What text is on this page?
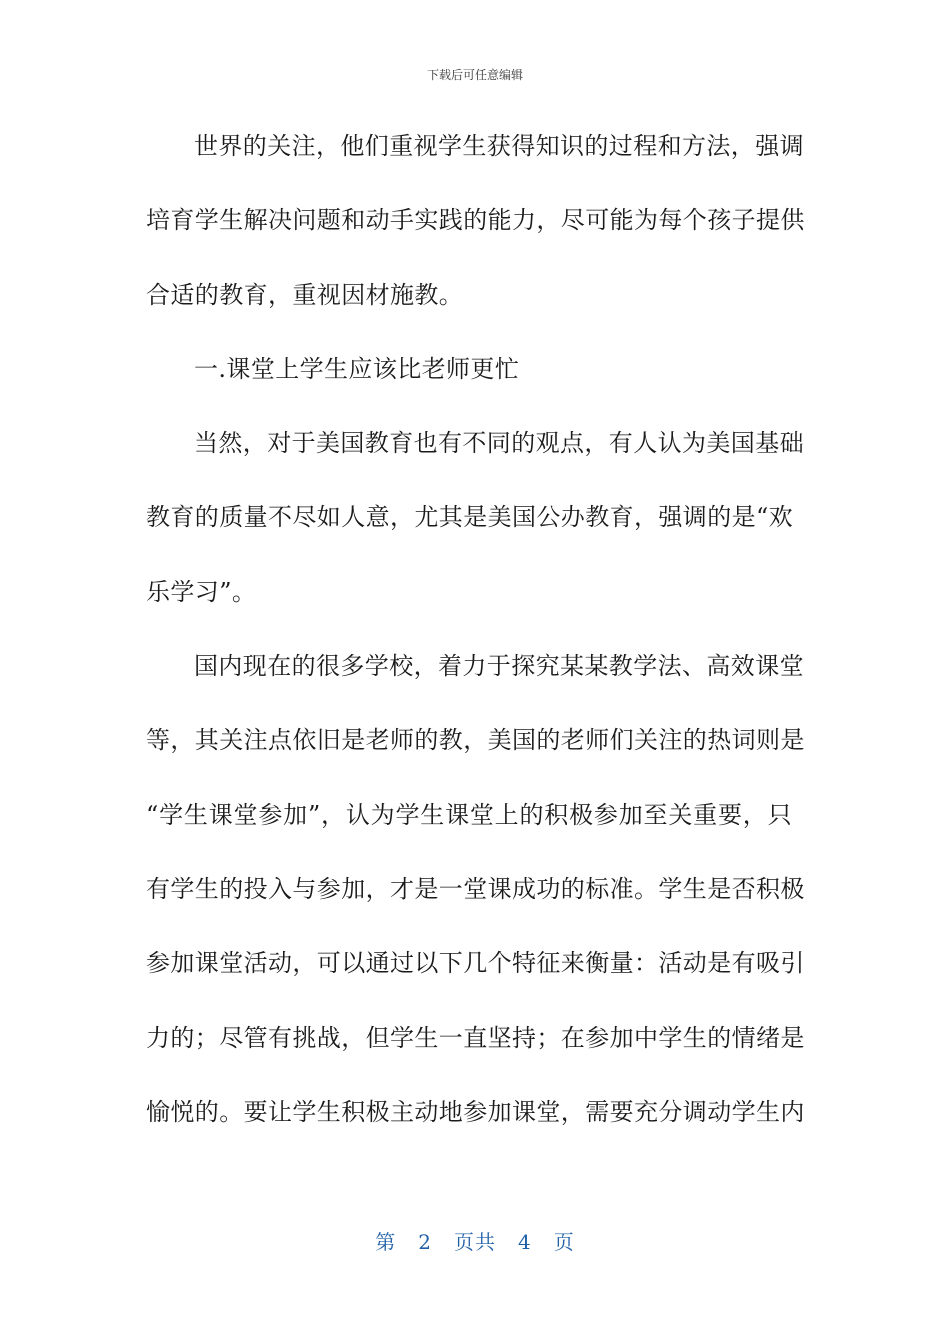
下载后可任意编辑
世界的关注，他们重视学生获得知识的过程和方法，强调
培育学生解决问题和动手实践的能力，尽可能为每个孩子提供
合适的教育，重视因材施教。
一.课堂上学生应该比老师更忙
当然，对于美国教育也有不同的观点，有人认为美国基础
教育的质量不尽如人意，尤其是美国公办教育，强调的是“欢
乐学习”。
国内现在的很多学校，着力于探究某某教学法、高效课堂
等，其关注点依旧是老师的教，美国的老师们关注的热词则是
“学生课堂参加”，认为学生课堂上的积极参加至关重要，只
有学生的投入与参加，才是一堂课成功的标准。学生是否积极
参加课堂活动，可以通过以下几个特征来衡量：活动是有吸引
力的；尽管有挑战，但学生一直坚持；在参加中学生的情绪是
愉悦的。要让学生积极主动地参加课堂，需要充分调动学生内
第 2 页共 4 页
